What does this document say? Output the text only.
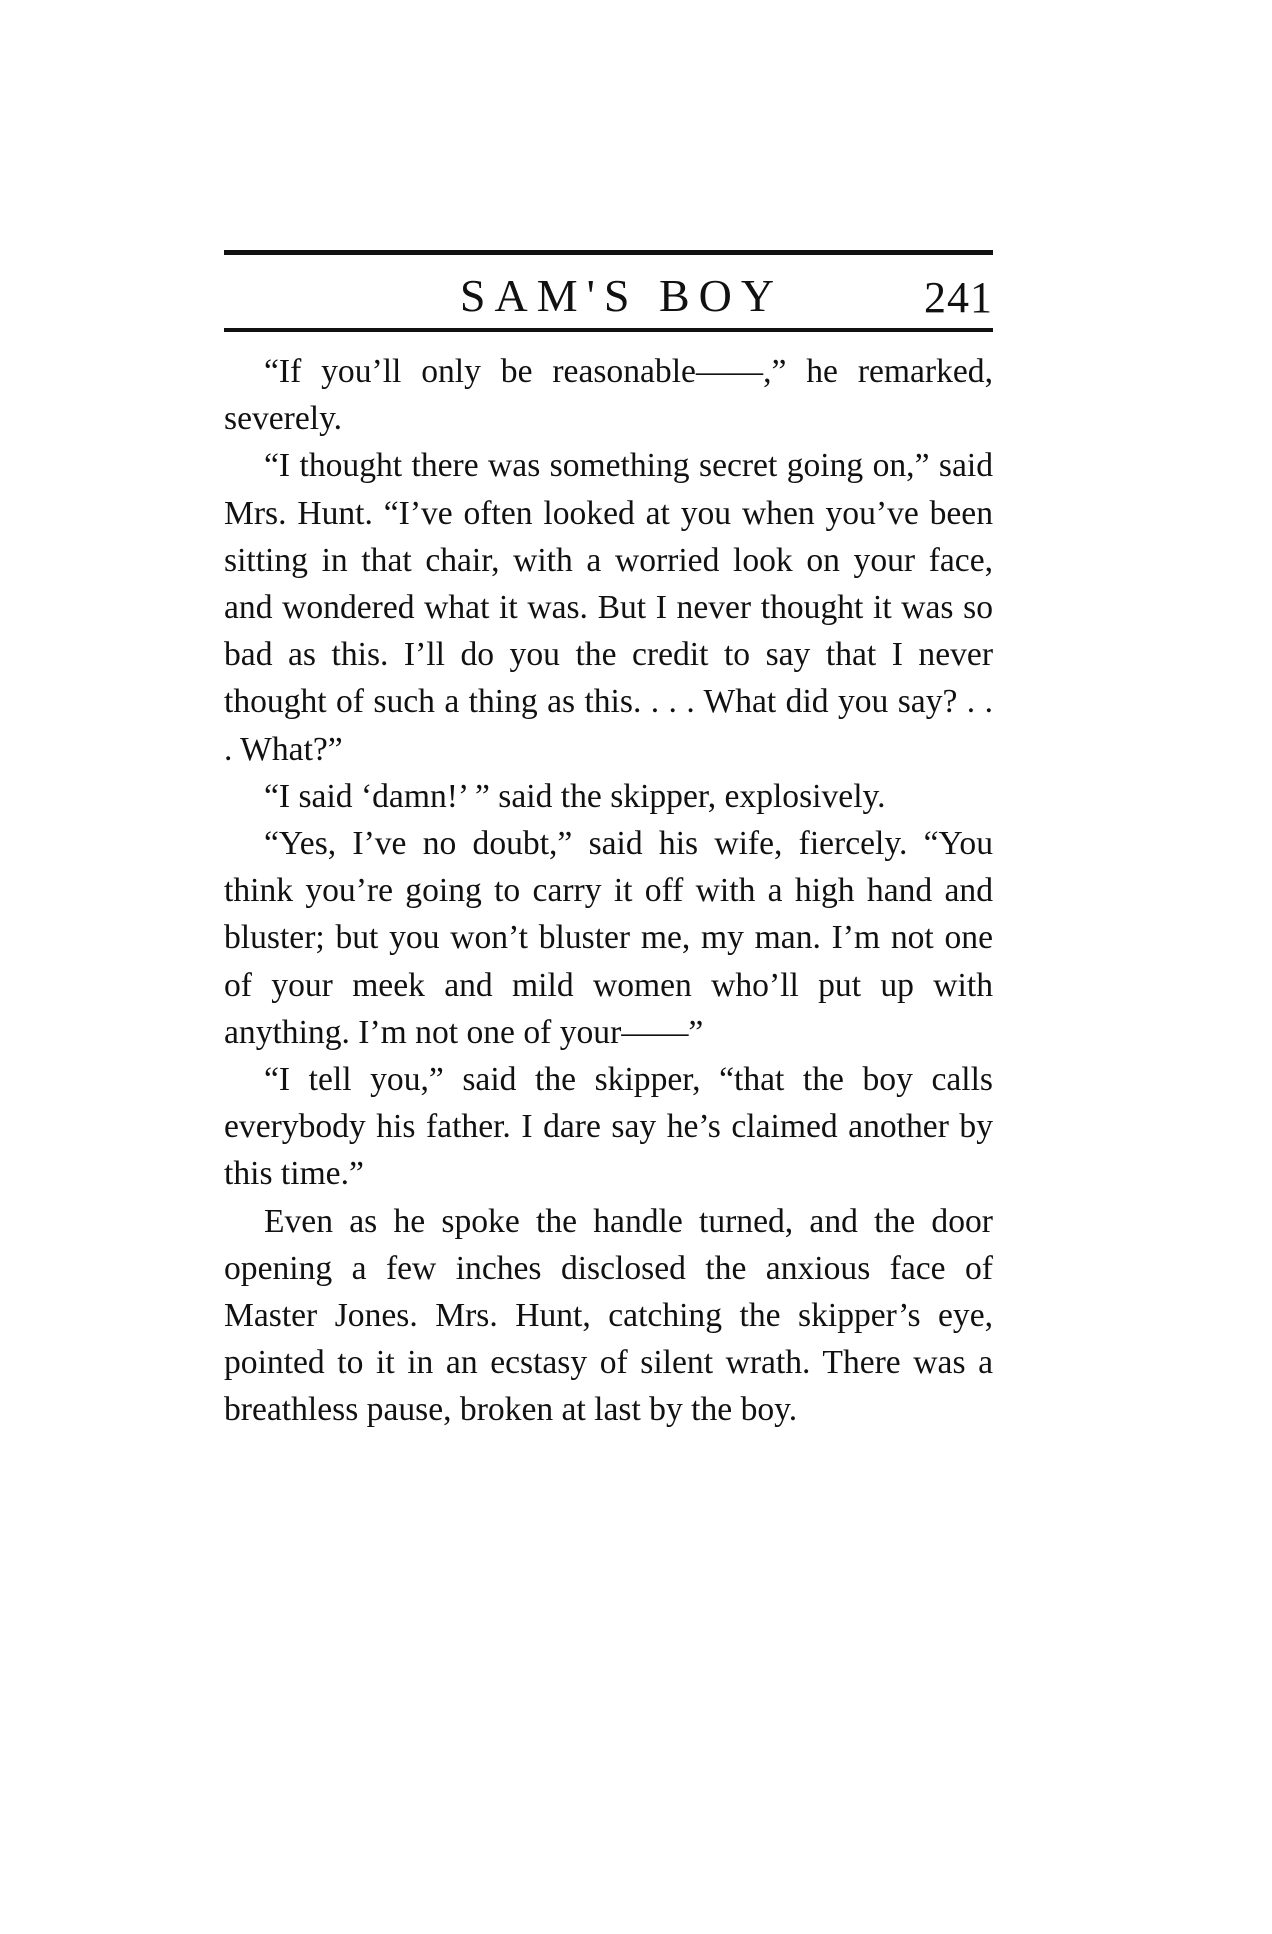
SAM'S BOY	241

“If you’ll only be reasonable——,” he remarked, severely.

“I thought there was something secret going on,” said Mrs. Hunt. “I’ve often looked at you when you’ve been sitting in that chair, with a worried look on your face, and wondered what it was. But I never thought it was so bad as this. I’ll do you the credit to say that I never thought of such a thing as this. . . . What did you say? . . . What?”

“I said ‘damn!’ ” said the skipper, explosively.

“Yes, I’ve no doubt,” said his wife, fiercely. “You think you’re going to carry it off with a high hand and bluster; but you won’t bluster me, my man. I’m not one of your meek and mild women who’ll put up with anything. I’m not one of your——”

“I tell you,” said the skipper, “that the boy calls everybody his father. I dare say he’s claimed another by this time.”

Even as he spoke the handle turned, and the door opening a few inches disclosed the anxious face of Master Jones. Mrs. Hunt, catching the skipper’s eye, pointed to it in an ecstasy of silent wrath. There was a breathless pause, broken at last by the boy.
